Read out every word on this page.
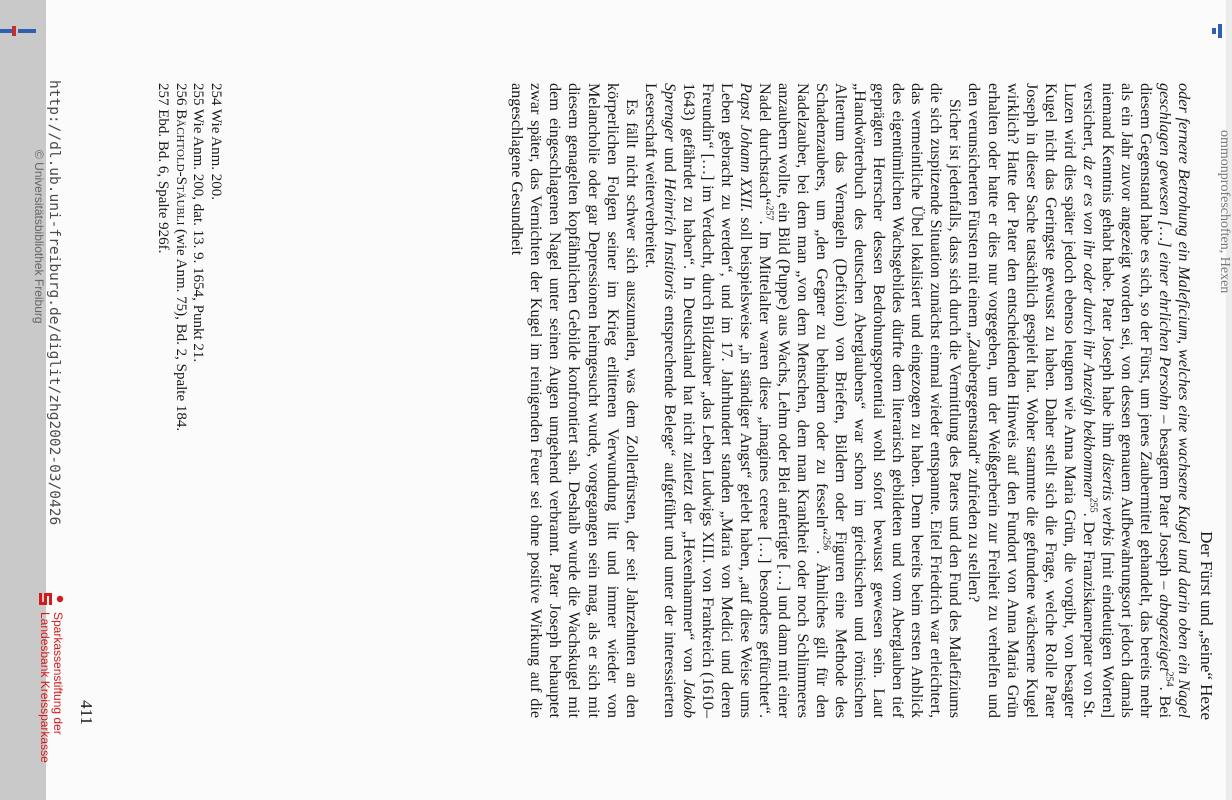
ommonprofeschoften, Hexen
Der Fürst und „seine“ Hexe

oder fernere Betrohung ein Maleficium, welches eine wachsene Kugel und darin oben ein Nagel geschlagen gewesen […] einer ehrlichen Persohn – besagtem Pater Joseph – abngezeiget$^{254}$. Bei diesem Gegenstand habe es sich, so der Fürst, um jenes Zaubermittel gehandelt, das bereits mehr als ein Jahr zuvor angezeigt worden sei, von dessen genauem Aufbewahrungsort jedoch damals niemand Kenntnis gehabt habe. Pater Joseph habe ihm disertis verbis [mit eindeutigen Worten] versichert, dz er es von ihr oder durch ihr Anzeigh bekhommen$^{255}$. Der Franziskanerpater von St. Luzen wird dies später jedoch ebenso leugnen wie Anna Maria Grün, die vorgibt, von besagter Kugel nicht das Geringste gewusst zu haben. Daher stellt sich die Frage, welche Rolle Pater Joseph in dieser Sache tatsächlich gespielt hat. Woher stammte die gefundene wächserne Kugel wirklich? Hatte der Pater den entscheidenden Hinweis auf den Fundort von Anna Maria Grün erhalten oder hatte er dies nur vorgegeben, um der Weißgerberin zur Freiheit zu verhelfen und den verunsicherten Fürsten mit einem „Zaubergegenstand“ zufrieden zu stellen?

Sicher ist jedenfalls, dass sich durch die Vermittlung des Paters und den Fund des Malefiziums die sich zuspitzende Situation zunächst einmal wieder entspannte. Eitel Friedrich war erleichtert, das vermeintliche Übel lokalisiert und eingezogen zu haben. Denn bereits beim ersten Anblick des eigentümlichen Wachsgebildes dürfte dem literarisch gebildeten und vom Aberglauben tief geprägten Herrscher dessen Bedrohungspotential wohl sofort bewusst gewesen sein. Laut „Handwörterbuch des deutschen Aberglaubens“ war schon im griechischen und römischen Altertum das Vernageln (Defixion) von Briefen, Bildern oder Figuren eine Methode des Schadenzaubers, um „den Gegner zu behindern oder zu fesseln“$^{256}$. Ähnliches gilt für den Nadelzauber, bei dem man „von dem Menschen, dem man Krankheit oder noch Schlimmeres anzaubern wollte, ein Bild (Puppe) aus Wachs, Lehm oder Blei anfertigte […] und dann mit einer Nadel durchstach“$^{257}$. Im Mittelalter waren diese „imagines cereae […] besonders gefürchtet“. Papst Johann XXII. soll beispielsweise „in ständiger Angst“ gelebt haben, „auf diese Weise ums Leben gebracht zu werden“, und im 17. Jahrhundert standen „Maria von Medici und deren Freundin“ […] im Verdacht, durch Bildzauber „das Leben Ludwigs XIII. von Frankreich (1610–1643) gefährdet zu haben“. In Deutschland hat nicht zuletzt der „Hexenhammer“ von Jakob Sprenger und Heinrich Institoris entsprechende Belege“ aufgeführt und unter der interessierten Leserschaft weiterverbreitet.

Es fällt nicht schwer sich auszumalen, was dem Zollerfürsten, der seit Jahrzehnten an den körperlichen Folgen seiner im Krieg erlittenen Verwundung litt und immer wieder von Melancholie oder gar Depressionen heimgesucht wurde, vorgegangen sein mag, als er sich mit diesem genagelten kopfähnlichen Gebilde konfrontiert sah. Deshalb wurde die Wachskugel mit dem eingeschlagenen Nagel unter seinen Augen umgehend verbrannt. Pater Joseph behauptet zwar später, das Vernichten der Kugel im reinigenden Feuer sei ohne positive Wirkung auf die angeschlagene Gesundheit

254 Wie Anm. 200.
255 Wie Anm. 200, dat. 13. 9. 1654, Punkt 21.
256 Bächtold-Stäubli (wie Anm. 75), Bd. 2, Spalte 184.
257 Ebd. Bd. 6, Spalte 926f.
411
http://dl.ub.uni-freiburg.de/diglit/zhg2002-03/0426
© Universitätsbibliothek Freiburg
Sparkassenstiftung der
Landesbank Kreissparkasse
